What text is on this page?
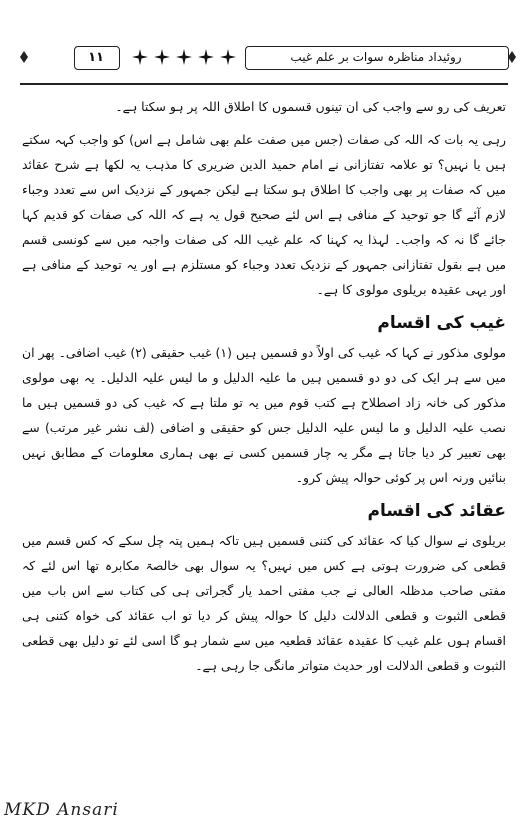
۱۱	روئیداد مناظرہ سوات بر علم غیب

تعریف کی رو سے واجب کی ان تینوں قسموں کا اطلاق اللہ پر ہو سکتا ہے۔

رہی یہ بات کہ اللہ کی صفات (جس میں صفت علم بھی شامل ہے اس) کو واجب کہہ سکتے ہیں یا نہیں؟ تو علامہ تفتازانی نے امام حمید الدین ضریری کا مذہب یہ لکھا ہے شرح عقائد میں کہ صفات پر بھی واجب کا اطلاق ہو سکتا ہے لیکن جمہور کے نزدیک اس سے تعدد وجباء لازم آئے گا جو توحید کے منافی ہے اس لئے صحیح قول یہ ہے کہ اللہ کی صفات کو قدیم کہا جائے گا نہ کہ واجب۔ لہذا یہ کہنا کہ علم غیب اللہ کی صفات واجبہ میں سے کونسی قسم میں ہے بقول تفتازانی جمہور کے نزدیک تعدد وجباء کو مستلزم ہے اور یہ توحید کے منافی ہے اور یہی عقیدہ بریلوی مولوی کا ہے۔

غیب کی اقسام

مولوی مذکور نے کہا کہ غیب کی اولاً دو قسمیں ہیں (۱) غیب حقیقی (۲) غیب اضافی۔ پھر ان میں سے ہر ایک کی دو دو قسمیں ہیں ما علیہ الدلیل و ما لیس علیہ الدلیل۔ یہ بھی مولوی مذکور کی خانہ زاد اصطلاح ہے کتب قوم میں یہ تو ملتا ہے کہ غیب کی دو قسمیں ہیں ما نصب علیہ الدلیل و ما لیس علیہ الدلیل جس کو حقیقی و اضافی (لف نشر غیر مرتب) سے بھی تعبیر کر دیا جاتا ہے مگر یہ چار قسمیں کسی نے بھی ہماری معلومات کے مطابق نہیں بنائیں ورنہ اس پر کوئی حوالہ پیش کرو۔

عقائد کی اقسام

بریلوی نے سوال کیا کہ عقائد کی کتنی قسمیں ہیں تاکہ ہمیں پتہ چل سکے کہ کس قسم میں قطعی کی ضرورت ہوتی ہے کس میں نہیں؟ یہ سوال بھی خالصۃ مکابرہ تھا اس لئے کہ مفتی صاحب مدظلہ العالی نے جب مفتی احمد یار گجراتی ہی کی کتاب سے اس باب میں قطعی الثبوت و قطعی الدلالت دلیل کا حوالہ پیش کر دیا تو اب عقائد کی خواہ کتنی ہی اقسام ہوں علم غیب کا عقیدہ عقائد قطعیہ میں سے شمار ہو گا اسی لئے تو دلیل بھی قطعی الثبوت و قطعی الدلالت اور حدیث متواتر مانگی جا رہی ہے۔

MKD Ansari
